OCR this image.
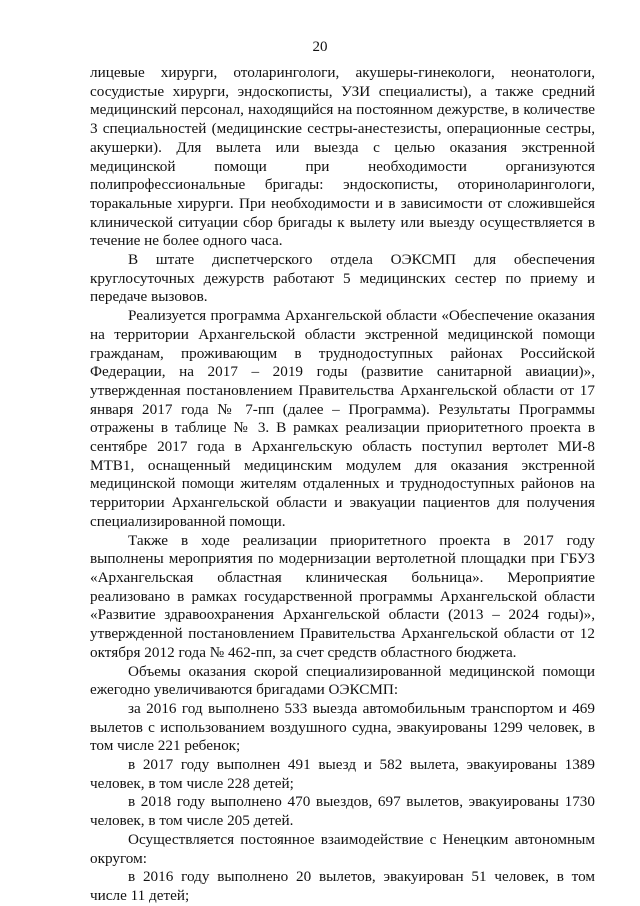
20

лицевые хирурги, отоларингологи, акушеры-гинекологи, неонатологи, сосудистые хирурги, эндоскописты, УЗИ специалисты), а также средний медицинский персонал, находящийся на постоянном дежурстве, в количестве 3 специальностей (медицинские сестры-анестезисты, операционные сестры, акушерки). Для вылета или выезда с целью оказания экстренной медицинской помощи при необходимости организуются полипрофессиональные бригады: эндоскописты, оториноларингологи, торакальные хирурги. При необходимости и в зависимости от сложившейся клинической ситуации сбор бригады к вылету или выезду осуществляется в течение не более одного часа.

В штате диспетчерского отдела ОЭКСМП для обеспечения круглосуточных дежурств работают 5 медицинских сестер по приему и передаче вызовов.

Реализуется программа Архангельской области «Обеспечение оказания на территории Архангельской области экстренной медицинской помощи гражданам, проживающим в труднодоступных районах Российской Федерации, на 2017 – 2019 годы (развитие санитарной авиации)», утвержденная постановлением Правительства Архангельской области от 17 января 2017 года № 7-пп (далее – Программа). Результаты Программы отражены в таблице № 3. В рамках реализации приоритетного проекта в сентябре 2017 года в Архангельскую область поступил вертолет МИ-8 МТВ1, оснащенный медицинским модулем для оказания экстренной медицинской помощи жителям отдаленных и труднодоступных районов на территории Архангельской области и эвакуации пациентов для получения специализированной помощи.

Также в ходе реализации приоритетного проекта в 2017 году выполнены мероприятия по модернизации вертолетной площадки при ГБУЗ «Архангельская областная клиническая больница». Мероприятие реализовано в рамках государственной программы Архангельской области «Развитие здравоохранения Архангельской области (2013 – 2024 годы)», утвержденной постановлением Правительства Архангельской области от 12 октября 2012 года № 462-пп, за счет средств областного бюджета.

Объемы оказания скорой специализированной медицинской помощи ежегодно увеличиваются бригадами ОЭКСМП:

за 2016 год выполнено 533 выезда автомобильным транспортом и 469 вылетов с использованием воздушного судна, эвакуированы 1299 человек, в том числе 221 ребенок;

в 2017 году выполнен 491 выезд и 582 вылета, эвакуированы 1389 человек, в том числе 228 детей;

в 2018 году выполнено 470 выездов, 697 вылетов, эвакуированы 1730 человек, в том числе 205 детей.

Осуществляется постоянное взаимодействие с Ненецким автономным округом:

в 2016 году выполнено 20 вылетов, эвакуирован 51 человек, в том числе 11 детей;
